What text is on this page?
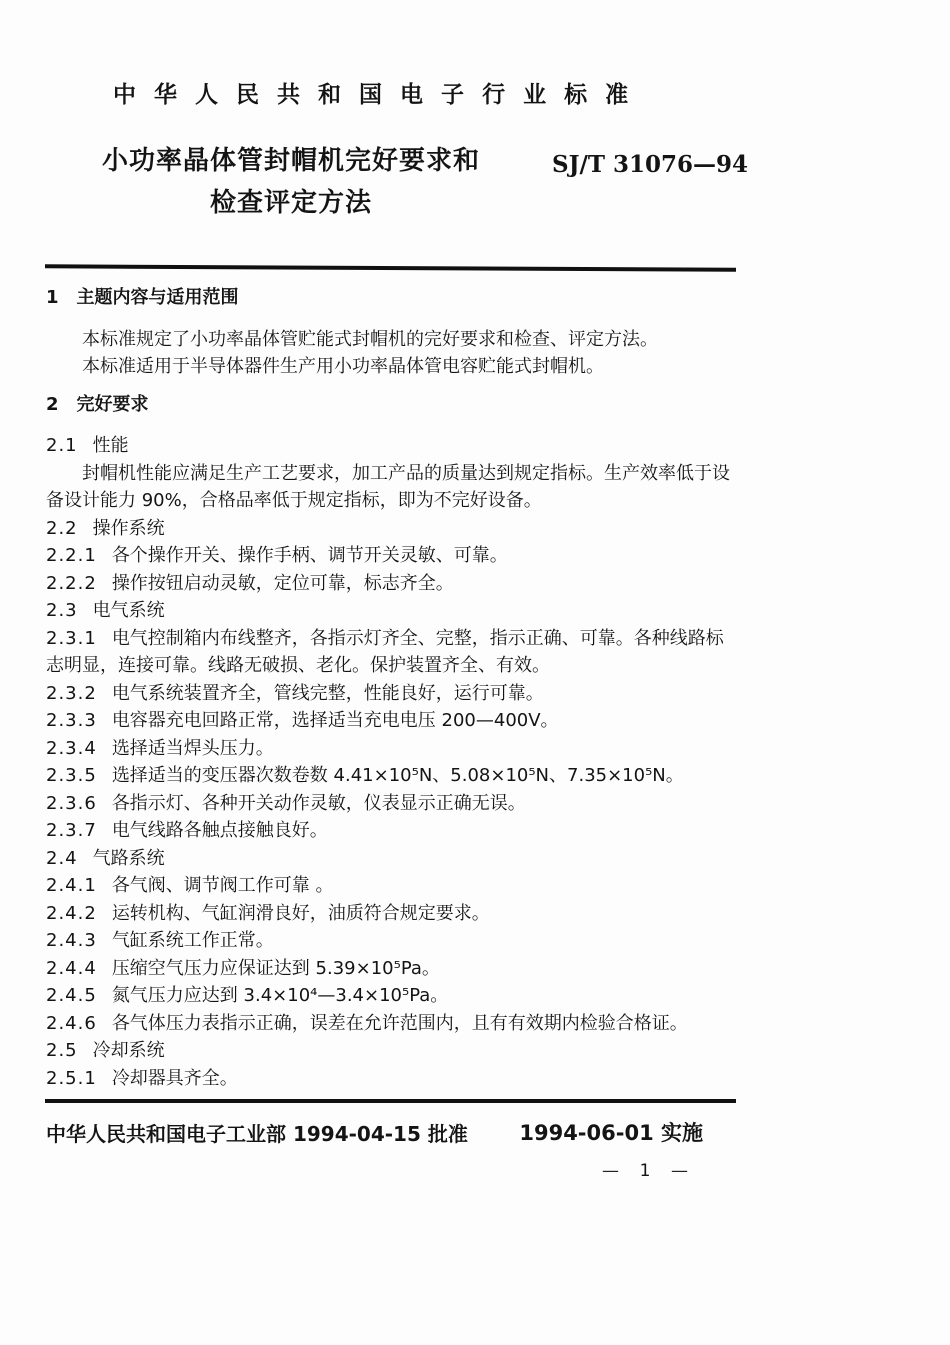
中 华 人 民 共 和 国 电 子 行 业 标 准
小功率晶体管封帽机完好要求和
检查评定方法
SJ/T 31076—94

1 主题内容与适用范围

本标准规定了小功率晶体管贮能式封帽机的完好要求和检查、评定方法。

本标准适用于半导体器件生产用小功率晶体管电容贮能式封帽机。

2 完好要求

2.1 性能

封帽机性能应满足生产工艺要求，加工产品的质量达到规定指标。生产效率低于设备设计能力 90%，合格品率低于规定指标，即为不完好设备。

2.2 操作系统

2.2.1 各个操作开关、操作手柄、调节开关灵敏、可靠。

2.2.2 操作按钮启动灵敏，定位可靠，标志齐全。

2.3 电气系统

2.3.1 电气控制箱内布线整齐，各指示灯齐全、完整，指示正确、可靠。各种线路标志明显，连接可靠。线路无破损、老化。保护装置齐全、有效。

2.3.2 电气系统装置齐全，管线完整，性能良好，运行可靠。

2.3.3 电容器充电回路正常，选择适当充电电压 200—400V。

2.3.4 选择适当焊头压力。

2.3.5 选择适当的变压器次数卷数 4.41×10⁵N、5.08×10⁵N、7.35×10⁵N。

2.3.6 各指示灯、各种开关动作灵敏，仪表显示正确无误。

2.3.7 电气线路各触点接触良好。

2.4 气路系统

2.4.1 各气阀、调节阀工作可靠 。

2.4.2 运转机构、气缸润滑良好，油质符合规定要求。

2.4.3 气缸系统工作正常。

2.4.4 压缩空气压力应保证达到 5.39×10⁵Pa。

2.4.5 氮气压力应达到 3.4×10⁴—3.4×10⁵Pa。

2.4.6 各气体压力表指示正确，误差在允许范围内，且有有效期内检验合格证。

2.5 冷却系统

2.5.1 冷却器具齐全。

中华人民共和国电子工业部 1994-04-15 批准 1994-06-01 实施
— 1 —
